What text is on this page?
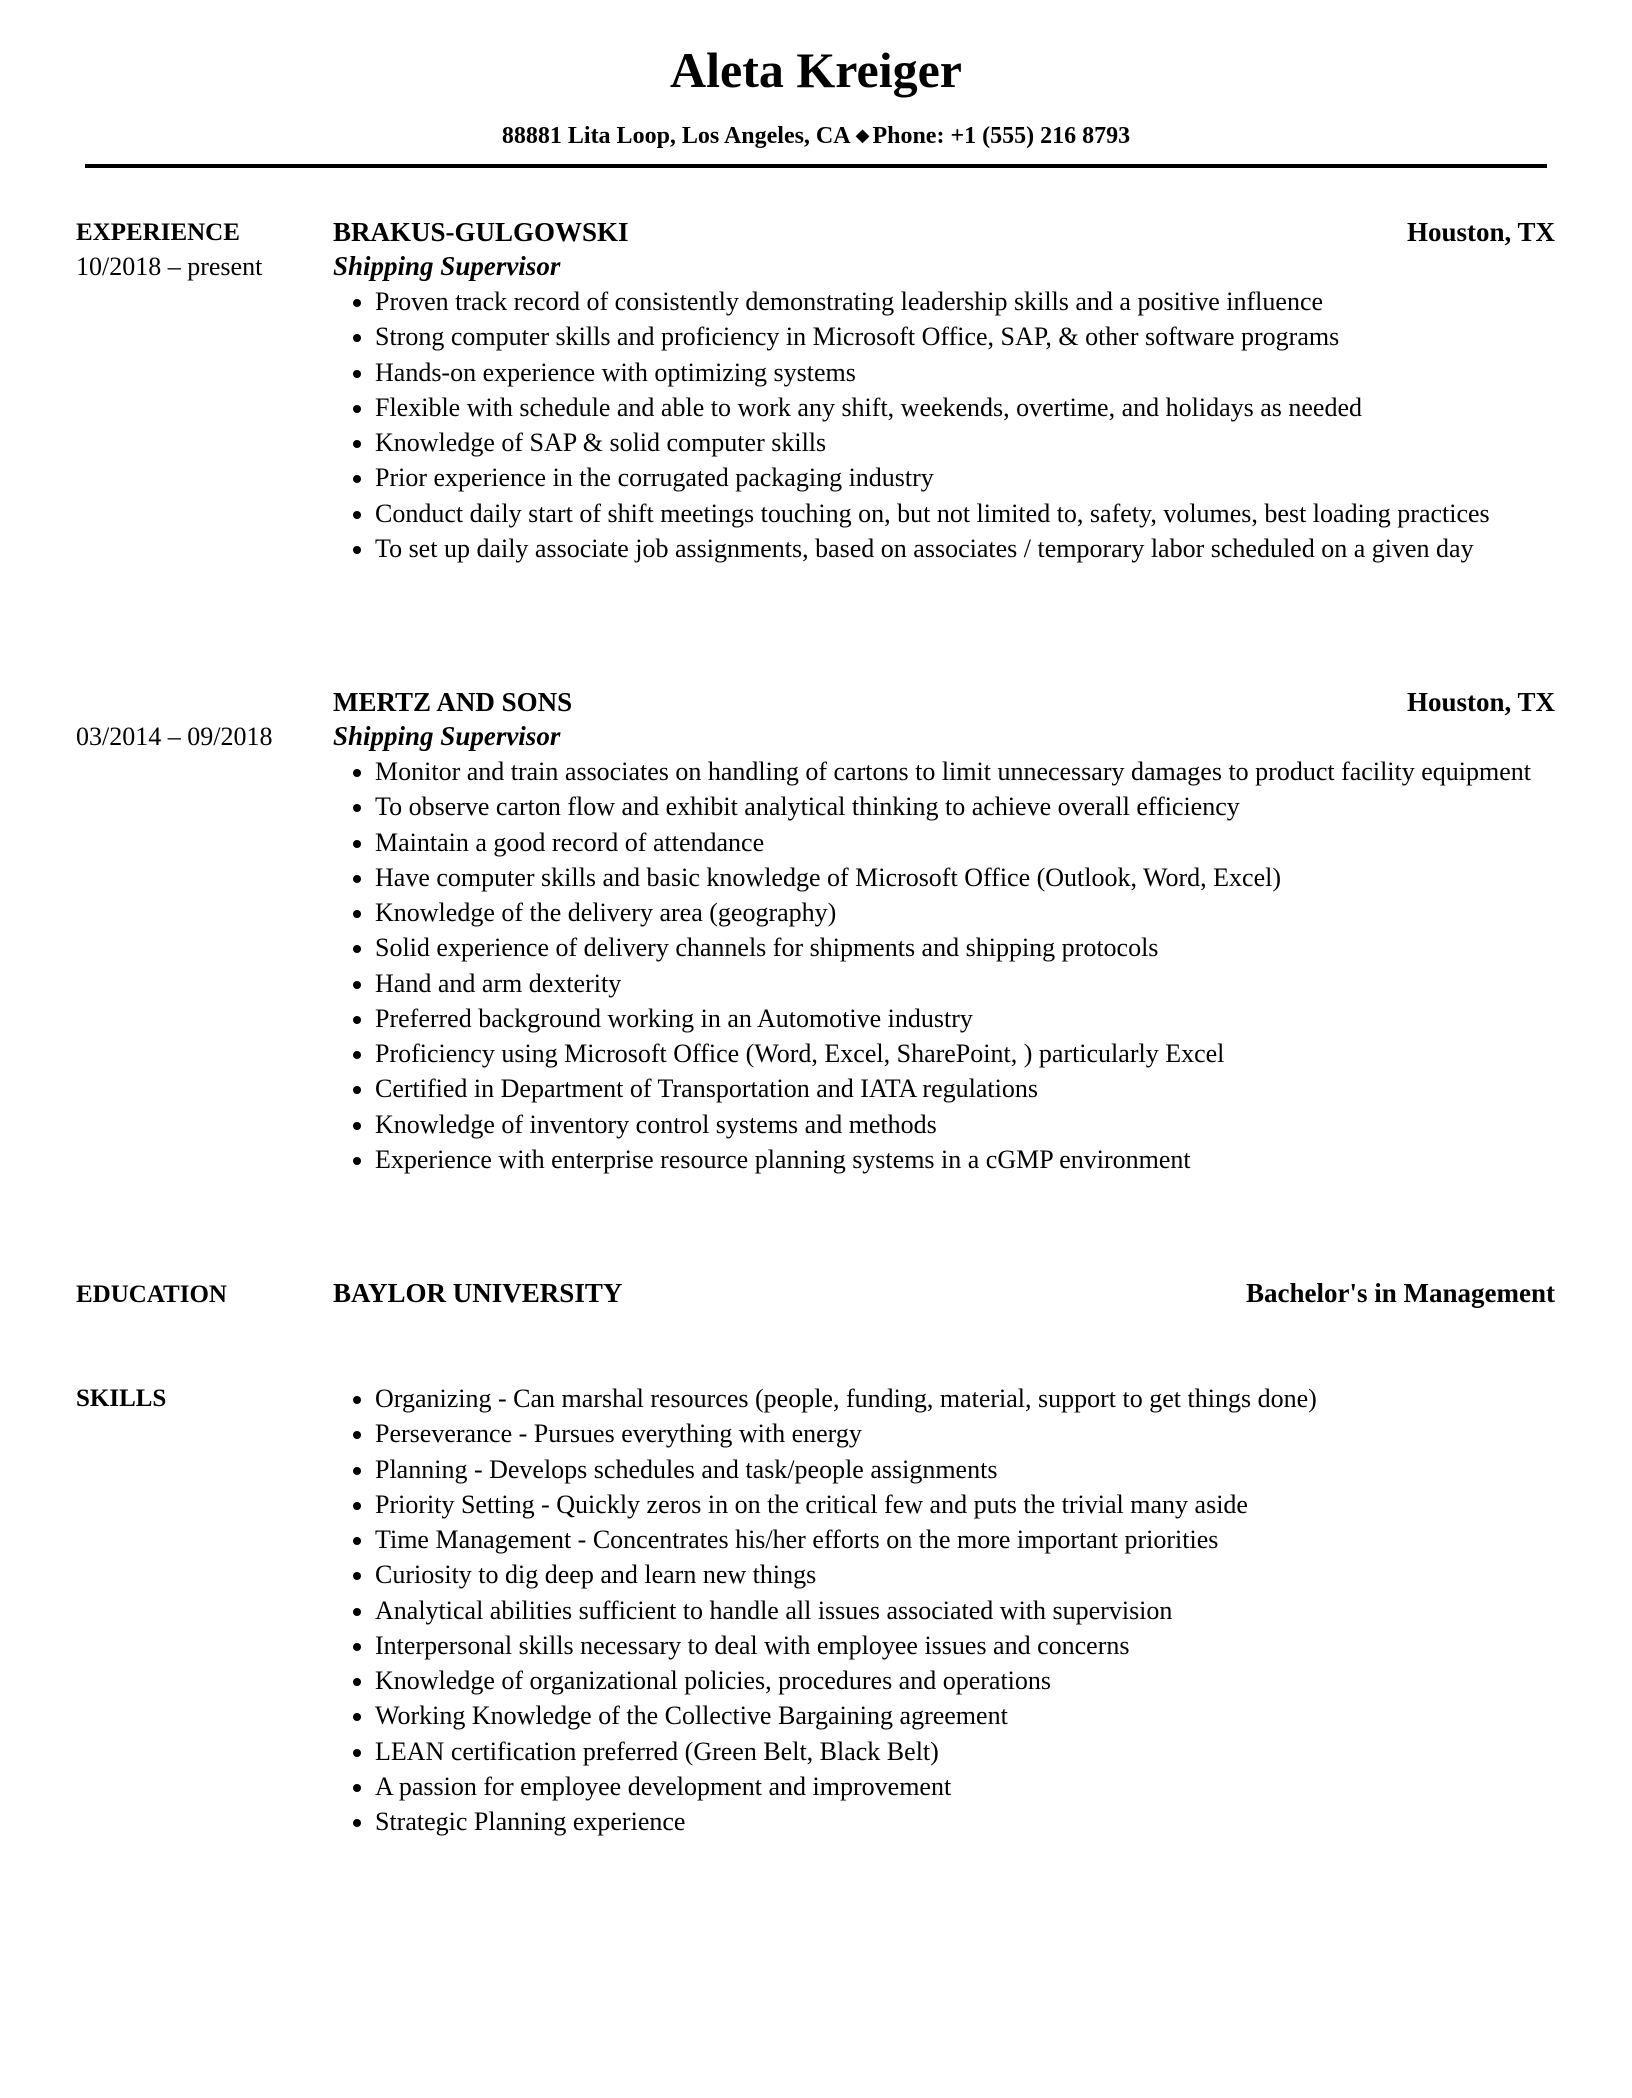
Aleta Kreiger
88881 Lita Loop, Los Angeles, CA ◆ Phone: +1 (555) 216 8793
EXPERIENCE	BRAKUS-GULGOWSKI	Houston, TX
10/2018 – present	Shipping Supervisor
Proven track record of consistently demonstrating leadership skills and a positive influence
Strong computer skills and proficiency in Microsoft Office, SAP, & other software programs
Hands-on experience with optimizing systems
Flexible with schedule and able to work any shift, weekends, overtime, and holidays as needed
Knowledge of SAP & solid computer skills
Prior experience in the corrugated packaging industry
Conduct daily start of shift meetings touching on, but not limited to, safety, volumes, best loading practices
To set up daily associate job assignments, based on associates / temporary labor scheduled on a given day
MERTZ AND SONS	Houston, TX
03/2014 – 09/2018 Shipping Supervisor
Monitor and train associates on handling of cartons to limit unnecessary damages to product facility equipment
To observe carton flow and exhibit analytical thinking to achieve overall efficiency
Maintain a good record of attendance
Have computer skills and basic knowledge of Microsoft Office (Outlook, Word, Excel)
Knowledge of the delivery area (geography)
Solid experience of delivery channels for shipments and shipping protocols
Hand and arm dexterity
Preferred background working in an Automotive industry
Proficiency using Microsoft Office (Word, Excel, SharePoint, ) particularly Excel
Certified in Department of Transportation and IATA regulations
Knowledge of inventory control systems and methods
Experience with enterprise resource planning systems in a cGMP environment
EDUCATION	BAYLOR UNIVERSITY	Bachelor's in Management
SKILLS	Organizing - Can marshal resources (people, funding, material, support to get things done)
Perseverance - Pursues everything with energy
Planning - Develops schedules and task/people assignments
Priority Setting - Quickly zeros in on the critical few and puts the trivial many aside
Time Management - Concentrates his/her efforts on the more important priorities
Curiosity to dig deep and learn new things
Analytical abilities sufficient to handle all issues associated with supervision
Interpersonal skills necessary to deal with employee issues and concerns
Knowledge of organizational policies, procedures and operations
Working Knowledge of the Collective Bargaining agreement
LEAN certification preferred (Green Belt, Black Belt)
A passion for employee development and improvement
Strategic Planning experience
